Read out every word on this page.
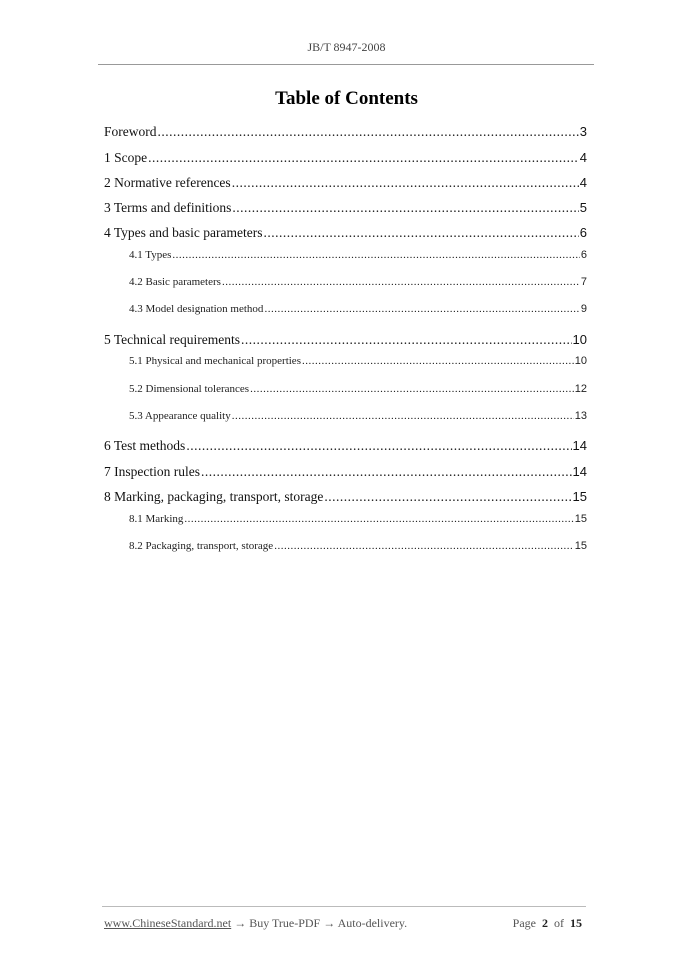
JB/T 8947-2008
Table of Contents
Foreword .....	3
1 Scope .....	4
2 Normative references .....	4
3 Terms and definitions .....	5
4 Types and basic parameters .....	6
4.1 Types .....	6
4.2 Basic parameters .....	7
4.3 Model designation method .....	9
5 Technical requirements .....	10
5.1 Physical and mechanical properties .....	10
5.2 Dimensional tolerances .....	12
5.3 Appearance quality .....	13
6 Test methods .....	14
7 Inspection rules .....	14
8 Marking, packaging, transport, storage .....	15
8.1 Marking .....	15
8.2 Packaging, transport, storage .....	15
www.ChineseStandard.net → Buy True-PDF → Auto-delivery.	Page 2 of 15
